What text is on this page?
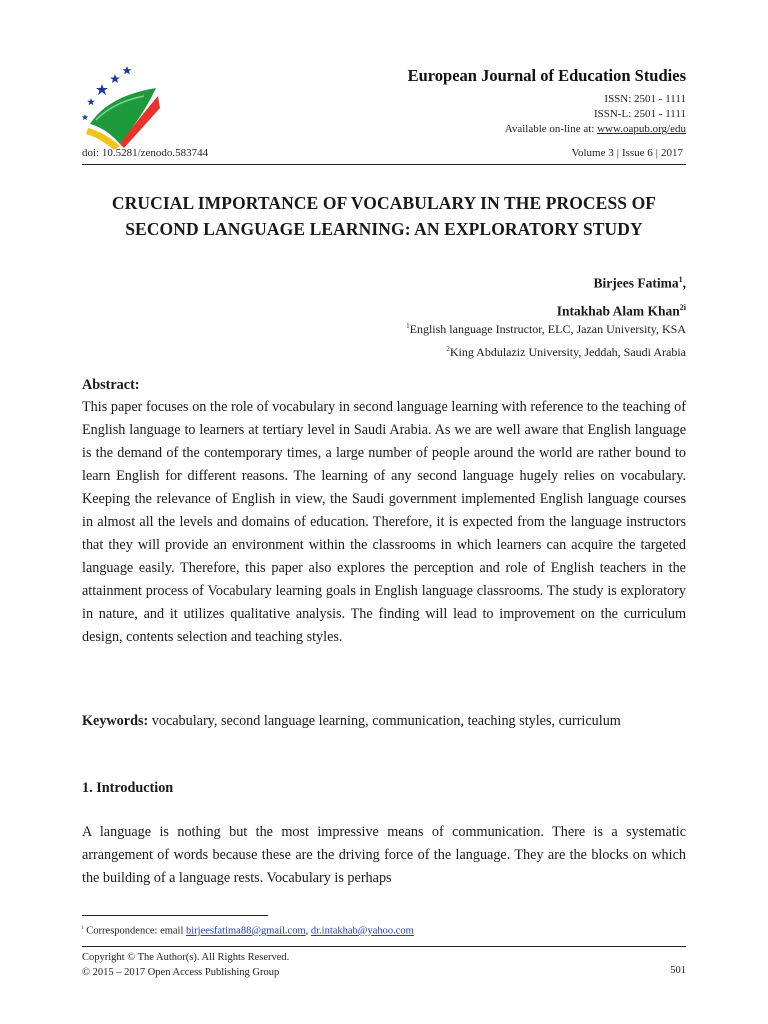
European Journal of Education Studies
ISSN: 2501 - 1111
ISSN-L: 2501 - 1111
Available on-line at: www.oapub.org/edu
doi: 10.5281/zenodo.583744	Volume 3 | Issue 6 | 2017
CRUCIAL IMPORTANCE OF VOCABULARY IN THE PROCESS OF
SECOND LANGUAGE LEARNING: AN EXPLORATORY STUDY
Birjees Fatima$^1$,
Intakhab Alam Khan$^{2i}$
$^1$English language Instructor, ELC, Jazan University, KSA
$^2$King Abdulaziz University, Jeddah, Saudi Arabia
Abstract:
This paper focuses on the role of vocabulary in second language learning with reference to the teaching of English language to learners at tertiary level in Saudi Arabia. As we are well aware that English language is the demand of the contemporary times, a large number of people around the world are rather bound to learn English for different reasons. The learning of any second language hugely relies on vocabulary. Keeping the relevance of English in view, the Saudi government implemented English language courses in almost all the levels and domains of education. Therefore, it is expected from the language instructors that they will provide an environment within the classrooms in which learners can acquire the targeted language easily. Therefore, this paper also explores the perception and role of English teachers in the attainment process of Vocabulary learning goals in English language classrooms. The study is exploratory in nature, and it utilizes qualitative analysis. The finding will lead to improvement on the curriculum design, contents selection and teaching styles.
Keywords: vocabulary, second language learning, communication, teaching styles, curriculum
1. Introduction
A language is nothing but the most impressive means of communication. There is a systematic arrangement of words because these are the driving force of the language. They are the blocks on which the building of a language rests. Vocabulary is perhaps
$^i$ Correspondence: email birjeesfatima88@gmail.com, dr.intakhab@yahoo.com
Copyright © The Author(s). All Rights Reserved.
© 2015 – 2017 Open Access Publishing Group	501
